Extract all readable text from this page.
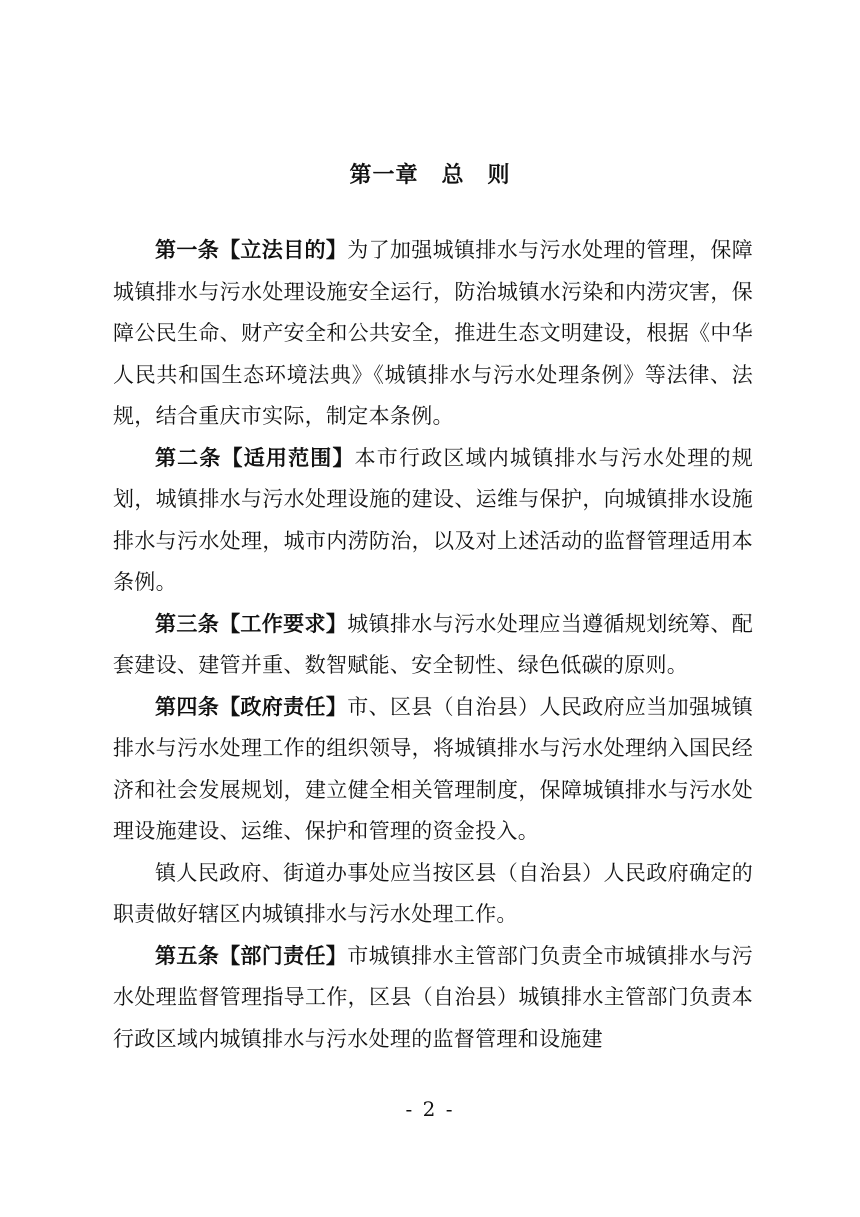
第一章　总　则

第一条【立法目的】为了加强城镇排水与污水处理的管理，保障城镇排水与污水处理设施安全运行，防治城镇水污染和内涝灾害，保障公民生命、财产安全和公共安全，推进生态文明建设，根据《中华人民共和国生态环境法典》《城镇排水与污水处理条例》等法律、法规，结合重庆市实际，制定本条例。

第二条【适用范围】本市行政区域内城镇排水与污水处理的规划，城镇排水与污水处理设施的建设、运维与保护，向城镇排水设施排水与污水处理，城市内涝防治，以及对上述活动的监督管理适用本条例。

第三条【工作要求】城镇排水与污水处理应当遵循规划统筹、配套建设、建管并重、数智赋能、安全韧性、绿色低碳的原则。

第四条【政府责任】市、区县（自治县）人民政府应当加强城镇排水与污水处理工作的组织领导，将城镇排水与污水处理纳入国民经济和社会发展规划，建立健全相关管理制度，保障城镇排水与污水处理设施建设、运维、保护和管理的资金投入。

镇人民政府、街道办事处应当按区县（自治县）人民政府确定的职责做好辖区内城镇排水与污水处理工作。

第五条【部门责任】市城镇排水主管部门负责全市城镇排水与污水处理监督管理指导工作，区县（自治县）城镇排水主管部门负责本行政区域内城镇排水与污水处理的监督管理和设施建

- 2 -
